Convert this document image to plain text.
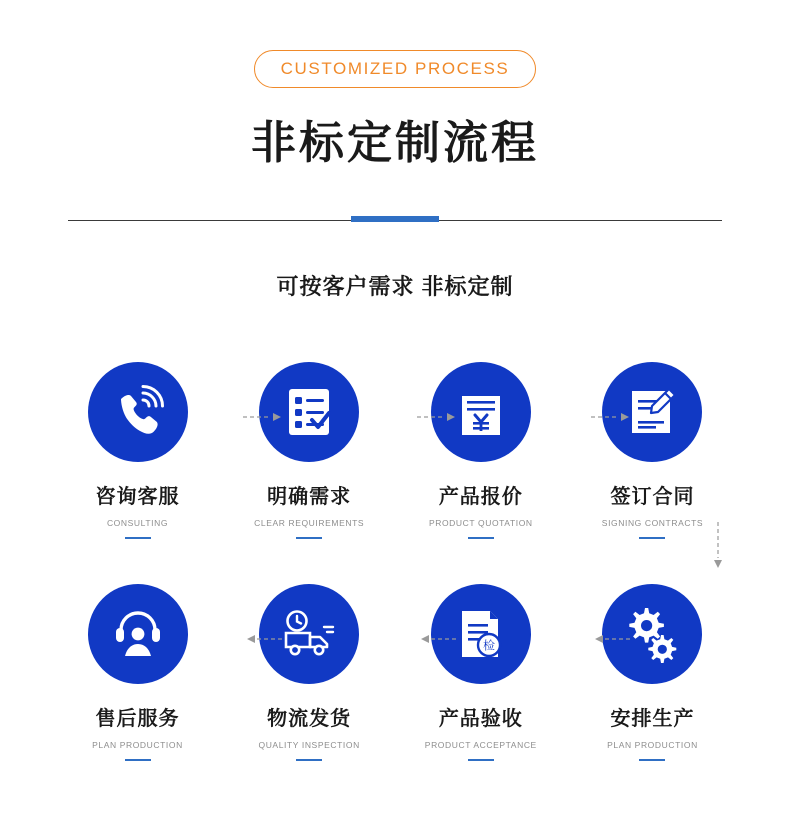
CUSTOMIZED PROCESS
非标定制流程
可按客户需求 非标定制
咨询客服
CONSULTING
明确需求
CLEAR REQUIREMENTS
产品报价
PRODUCT QUOTATION
签订合同
SIGNING CONTRACTS
售后服务
PLAN PRODUCTION
物流发货
QUALITY INSPECTION
检
产品验收
PRODUCT ACCEPTANCE
安排生产
PLAN PRODUCTION
